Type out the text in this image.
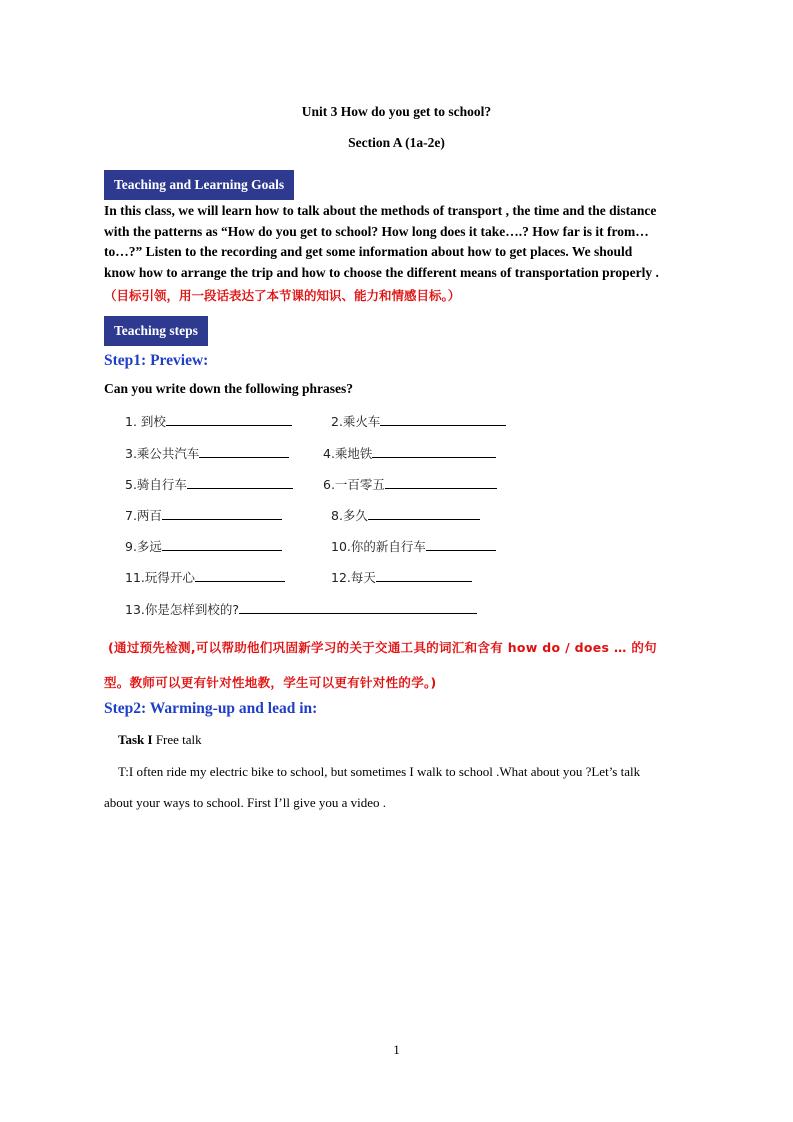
Unit 3 How do you get to school?
Section A (1a-2e)
Teaching and Learning Goals
In this class, we will learn how to talk about the methods of transport , the time and the distance
with the patterns as “How do you get to school? How long does it take….? How far is it from…
to…?” Listen to the recording and get some information about how to get places. We should
know how to arrange the trip and how to choose the different means of transportation properly .
（目标引领，用一段话表达了本节课的知识、能力和情感目标。）
Teaching steps
Step1: Preview:
Can you write down the following phrases?
1. 到校	2.乘火车
3.乘公共汽车	4.乘地铁
5.骑自行车	6.一百零五
7.两百	8.多久
9.多远	10.你的新自行车
11.玩得开心	12.每天
13.你是怎样到校的?
(通过预先检测,可以帮助他们巩固新学习的关于交通工具的词汇和含有 how do / does … 的句
型。教师可以更有针对性地教，学生可以更有针对性的学。)
Step2: Warming-up and lead in:
Task I Free talk
T:I often ride my electric bike to school, but sometimes I walk to school .What about you ?Let’s talk
about your ways to school. First I’ll give you a video .
1
